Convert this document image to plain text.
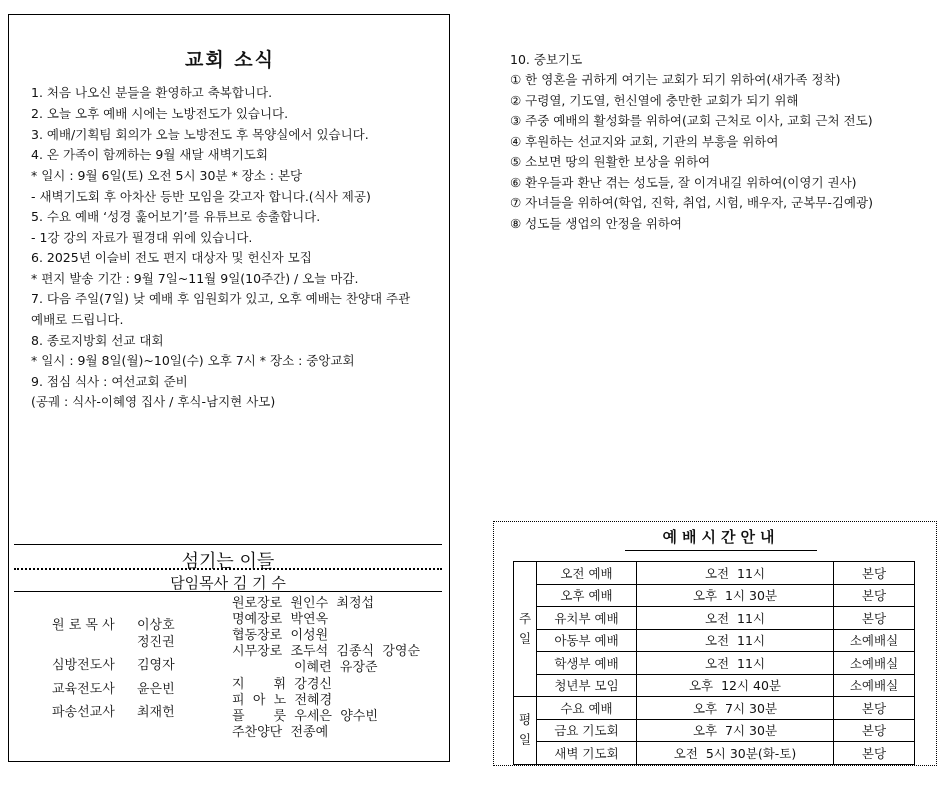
교회 소식
1. 처음 나오신 분들을 환영하고 축복합니다.
2. 오늘 오후 예배 시에는 노방전도가 있습니다.
3. 예배/기획팀 회의가 오늘 노방전도 후 목양실에서 있습니다.
4. 온 가족이 함께하는 9월 새달 새벽기도회
* 일시 : 9월 6일(토) 오전 5시 30분 * 장소 : 본당
- 새벽기도회 후 아차산 등반 모임을 갖고자 합니다.(식사 제공)
5. 수요 예배 ‘성경 훑어보기’를 유튜브로 송출합니다.
- 1강 강의 자료가 필경대 위에 있습니다.
6. 2025년 이슬비 전도 편지 대상자 및 헌신자 모집
* 편지 발송 기간 : 9월 7일~11월 9일(10주간) / 오늘 마감.
7. 다음 주일(7일) 낮 예배 후 임원회가 있고, 오후 예배는 찬양대 주관
예배로 드립니다.
8. 종로지방회 선교 대회
* 일시 : 9월 8일(월)~10일(수) 오후 7시 * 장소 : 중앙교회
9. 점심 식사 : 여선교회 준비
(공궤 : 식사-이혜영 집사 / 후식-남지현 사모)
섬기는 이들
담임목사 김 기 수
원 로 목 사 이상호
정진권
심방전도사 김영자
교육전도사 윤은빈
파송선교사 최재헌
원로장로  원인수  최정섭
명예장로  박연옥
협동장로  이성원
시무장로  조두석  김종식  강영순
이혜련  유장준
지       휘  강경신
피  아  노  전혜경
플       룻  우세은  양수빈
주찬양단  전종예
10. 중보기도
① 한 영혼을 귀하게 여기는 교회가 되기 위하여(새가족 정착)
② 구령열, 기도열, 헌신열에 충만한 교회가 되기 위해
③ 주중 예배의 활성화를 위하여(교회 근처로 이사, 교회 근처 전도)
④ 후원하는 선교지와 교회, 기관의 부흥을 위하여
⑤ 소보면 땅의 원활한 보상을 위하여
⑥ 환우들과 환난 겪는 성도들, 잘 이겨내길 위하여(이영기 권사)
⑦ 자녀들을 위하여(학업, 진학, 취업, 시험, 배우자, 군복무-김예광)
⑧ 성도들 생업의 안정을 위하여
예배시간안내
주
일	오전 예배	오전  11시	본당
	오후 예배	오후  1시 30분	본당
	유치부 예배	오전  11시	본당
	아동부 예배	오전  11시	소예배실
	학생부 예배	오전  11시	소예배실
	청년부 모임	오후  12시 40분	소예배실
평
일	수요 예배	오후  7시 30분	본당
	금요 기도회	오후  7시 30분	본당
	새벽 기도회	오전  5시 30분(화-토)	본당
